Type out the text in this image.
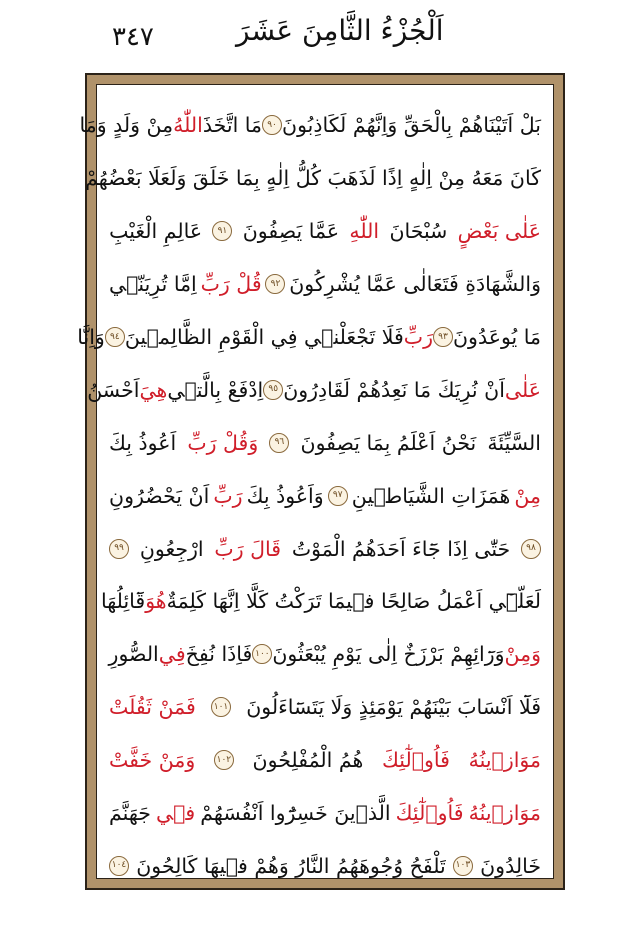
٣٤٧	اَلْجُزْءُ الثَّامِنَ عَشَرَ
بَلْ اَتَيْنَاهُمْ بِالْحَقِّ وَاِنَّهُمْ لَكَاذِبُونَ
٩٠
مَا اتَّخَذَ
اللّٰهُ
مِنْ وَلَدٍ وَمَا
كَانَ مَعَهُ مِنْ اِلٰهٍ اِذًا لَذَهَبَ كُلُّ اِلٰهٍ بِمَا خَلَقَ وَلَعَلَا بَعْضُهُمْ
عَلٰى بَعْضٍ
سُبْحَانَ
اللّٰهِ
عَمَّا يَصِفُونَ
٩١
عَالِمِ الْغَيْبِ
وَالشَّهَادَةِ فَتَعَالٰى عَمَّا يُشْرِكُونَ
٩٢
قُلْ رَبِّ
اِمَّا تُرِيَنّ۪ي
مَا يُوعَدُونَ
٩٣
رَبِّ
فَلَا تَجْعَلْن۪ي فِي الْقَوْمِ الظَّالِم۪ينَ
٩٤
وَاِنَّا
عَلٰى
اَنْ نُرِيَكَ مَا نَعِدُهُمْ لَقَادِرُونَ
٩٥
اِدْفَعْ بِالَّت۪ي
هِيَ
اَحْسَنُ
السَّيِّئَةَ
نَحْنُ اَعْلَمُ بِمَا يَصِفُونَ
٩٦
وَقُلْ رَبِّ
اَعُوذُ بِكَ
مِنْ
هَمَزَاتِ الشَّيَاط۪ينِ
٩٧
وَاَعُوذُ بِكَ
رَبِّ
اَنْ يَحْضُرُونِ
٩٨
حَتّٰى اِذَا جَٓاءَ اَحَدَهُمُ الْمَوْتُ
قَالَ رَبِّ
ارْجِعُونِ
٩٩
لَعَلّ۪ٓي اَعْمَلُ صَالِحًا ف۪يمَا تَرَكْتُ كَلَّا اِنَّهَا كَلِمَةٌ
هُوَ
قَٓائِلُهَا
وَمِنْ
وَرَٓائِهِمْ بَرْزَخٌ اِلٰى يَوْمِ يُبْعَثُونَ
١٠٠
فَاِذَا نُفِخَ
فِي
الصُّورِ
فَلَٓا اَنْسَابَ بَيْنَهُمْ يَوْمَئِذٍ وَلَا يَتَسَٓاءَلُونَ
١٠١
فَمَنْ ثَقُلَتْ
مَوَاز۪ينُهُ
فَاُو۬لٰٓئِكَ
هُمُ الْمُفْلِحُونَ
١٠٢
وَمَنْ خَفَّتْ
مَوَاز۪ينُهُ
فَاُو۬لٰٓئِكَ
الَّذ۪ينَ خَسِرُٓوا اَنْفُسَهُمْ
ف۪ي
جَهَنَّمَ
خَالِدُونَ
١٠٣
تَلْفَحُ وُجُوهَهُمُ النَّارُ وَهُمْ ف۪يهَا كَالِحُونَ
١٠٤
